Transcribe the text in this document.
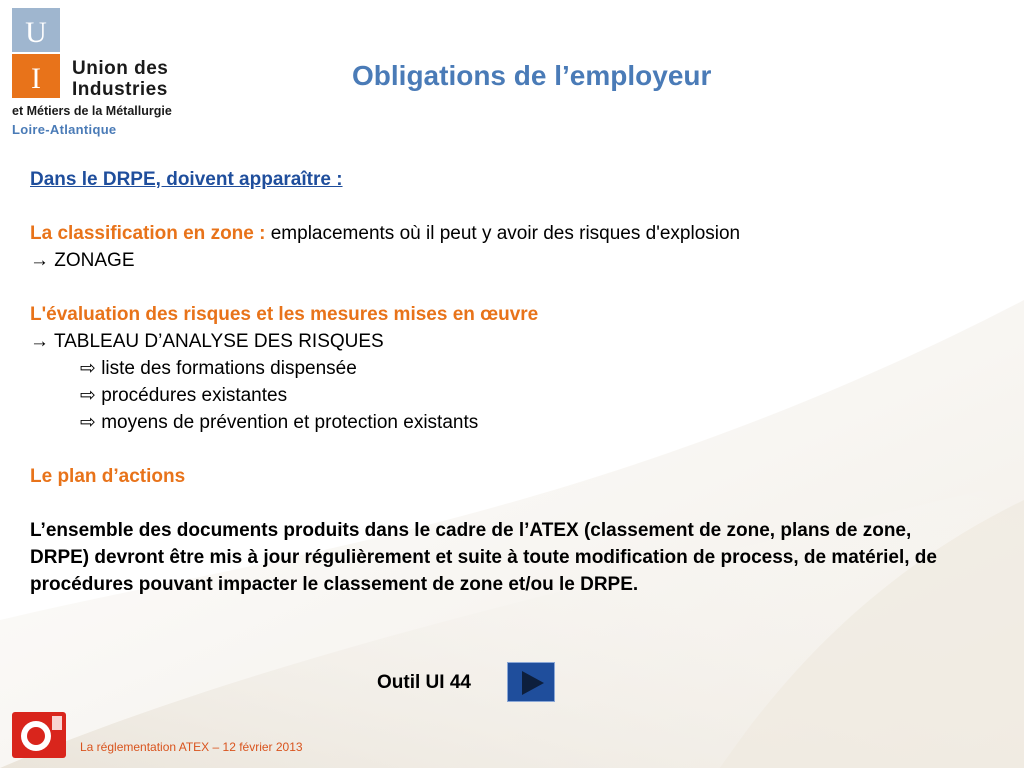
U
I Union des
Industries
et Métiers de la Métallurgie
Loire-Atlantique
Obligations de l’employeur
Dans le DRPE, doivent apparaître :
La classification en zone : emplacements où il peut y avoir des risques d'explosion
→ ZONAGE
L'évaluation des risques et les mesures mises en œuvre
→ TABLEAU D’ANALYSE DES RISQUES
⇨ liste des formations dispensée
⇨ procédures existantes
⇨ moyens de prévention et protection existants
Le plan d’actions
L’ensemble des documents produits dans le cadre de l’ATEX (classement de zone, plans de zone, DRPE) devront être mis à jour régulièrement et suite à toute modification de process, de matériel, de procédures pouvant impacter le classement de zone et/ou le DRPE.
Outil UI 44
La réglementation ATEX – 12 février 2013
